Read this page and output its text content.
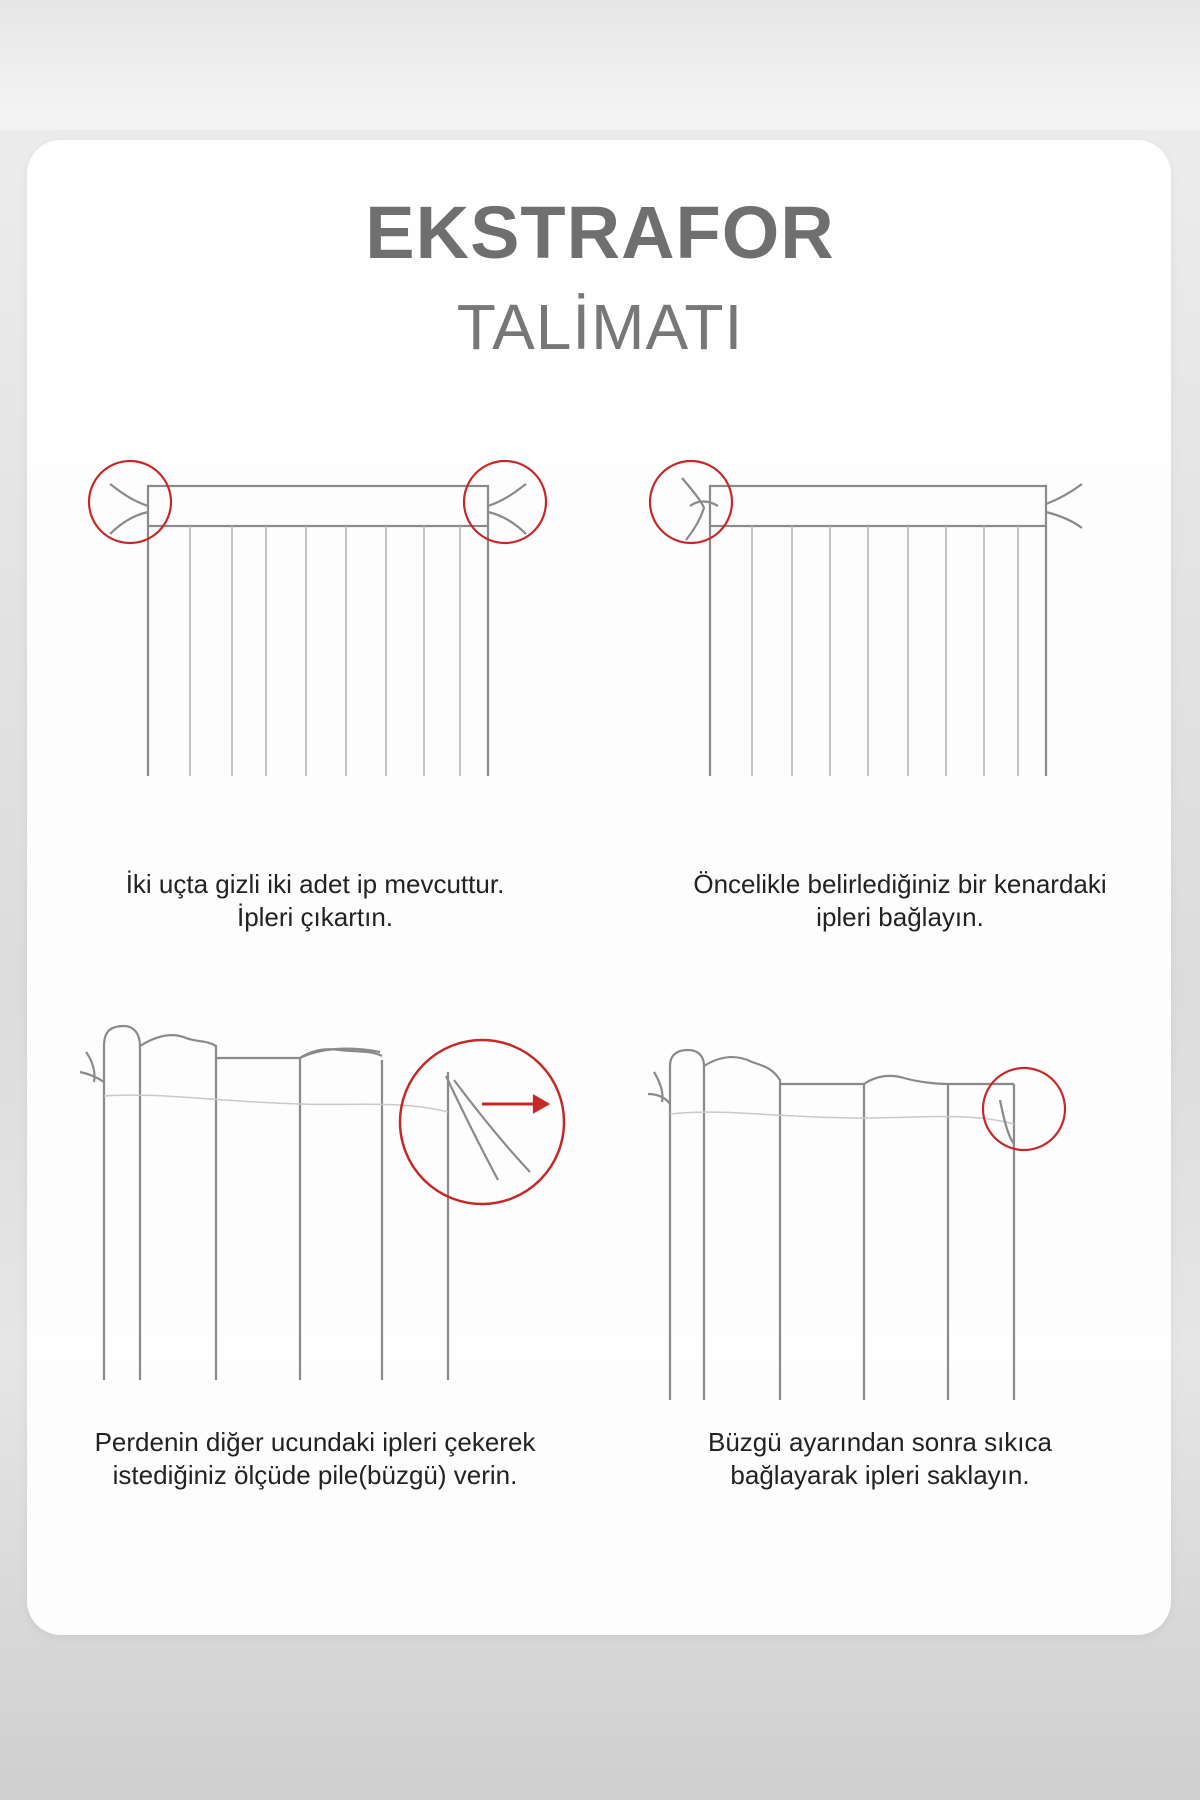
EKSTRAFOR
TALİMATI
İki uçta gizli iki adet ip mevcuttur.
İpleri çıkartın.
Öncelikle belirlediğiniz bir kenardaki
ipleri bağlayın.
Perdenin diğer ucundaki ipleri çekerek
istediğiniz ölçüde pile(büzgü) verin.
Büzgü ayarından sonra sıkıca
bağlayarak ipleri saklayın.
